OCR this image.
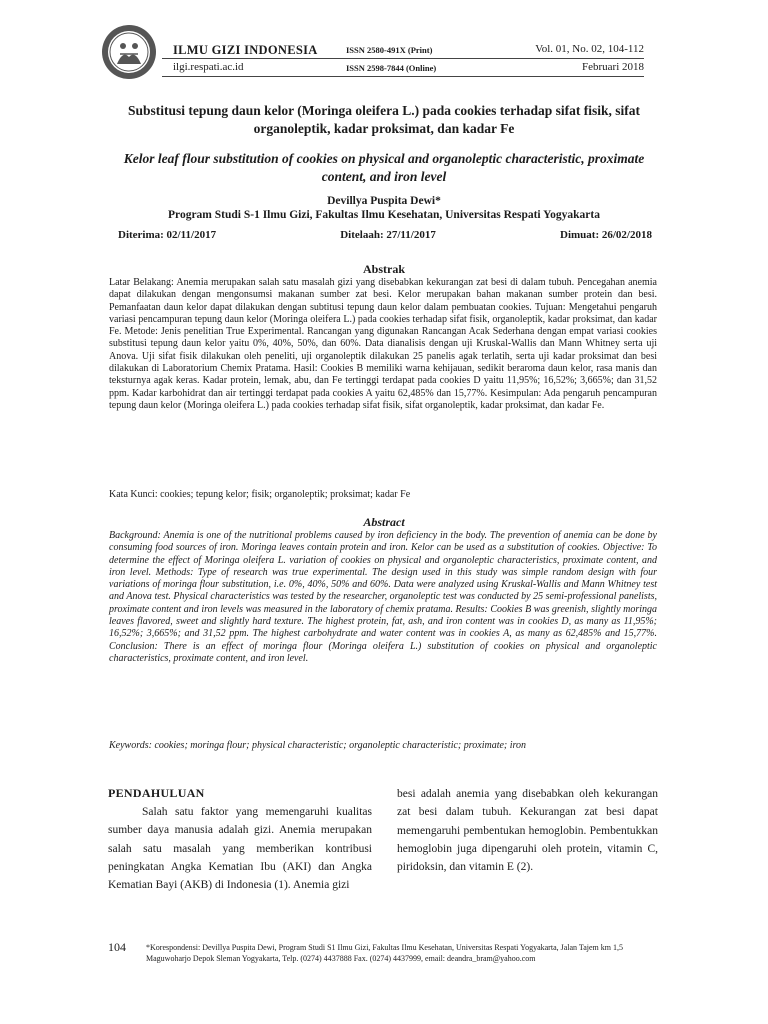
ILMU GIZI INDONESIA
ilgi.respati.ac.id
ISSN 2580-491X (Print)
ISSN 2598-7844 (Online)
Vol. 01, No. 02, 104-112
Februari 2018
Substitusi tepung daun kelor (Moringa oleifera L.) pada cookies terhadap sifat fisik, sifat organoleptik, kadar proksimat, dan kadar Fe
Kelor leaf flour substitution of cookies on physical and organoleptic characteristic, proximate content, and iron level
Devillya Puspita Dewi*
Program Studi S-1 Ilmu Gizi, Fakultas Ilmu Kesehatan, Universitas Respati Yogyakarta
Diterima: 02/11/2017	Ditelaah: 27/11/2017	Dimuat: 26/02/2018
Abstrak
Latar Belakang: Anemia merupakan salah satu masalah gizi yang disebabkan kekurangan zat besi di dalam tubuh. Pencegahan anemia dapat dilakukan dengan mengonsumsi makanan sumber zat besi. Kelor merupakan bahan makanan sumber protein dan besi. Pemanfaatan daun kelor dapat dilakukan dengan subtitusi tepung daun kelor dalam pembuatan cookies. Tujuan: Mengetahui pengaruh variasi pencampuran tepung daun kelor (Moringa oleifera L.) pada cookies terhadap sifat fisik, organoleptik, kadar proksimat, dan kadar Fe. Metode: Jenis penelitian True Experimental. Rancangan yang digunakan Rancangan Acak Sederhana dengan empat variasi cookies substitusi tepung daun kelor yaitu 0%, 40%, 50%, dan 60%. Data dianalisis dengan uji Kruskal-Wallis dan Mann Whitney serta uji Anova. Uji sifat fisik dilakukan oleh peneliti, uji organoleptik dilakukan 25 panelis agak terlatih, serta uji kadar proksimat dan besi dilakukan di Laboratorium Chemix Pratama. Hasil: Cookies B memiliki warna kehijauan, sedikit beraroma daun kelor, rasa manis dan teksturnya agak keras. Kadar protein, lemak, abu, dan Fe tertinggi terdapat pada cookies D yaitu 11,95%; 16,52%; 3,665%; dan 31,52 ppm. Kadar karbohidrat dan air tertinggi terdapat pada cookies A yaitu 62,485% dan 15,77%. Kesimpulan: Ada pengaruh pencampuran tepung daun kelor (Moringa oleifera L.) pada cookies terhadap sifat fisik, sifat organoleptik, kadar proksimat, dan kadar Fe.
Kata Kunci: cookies; tepung kelor; fisik; organoleptik; proksimat; kadar Fe
Abstract
Background: Anemia is one of the nutritional problems caused by iron deficiency in the body. The prevention of anemia can be done by consuming food sources of iron. Moringa leaves contain protein and iron. Kelor can be used as a substitution of cookies. Objective: To determine the effect of Moringa oleifera L. variation of cookies on physical and organoleptic characteristics, proximate content, and iron level. Methods: Type of research was true experimental. The design used in this study was simple random design with four variations of moringa flour substitution, i.e. 0%, 40%, 50% and 60%. Data were analyzed using Kruskal-Wallis and Mann Whitney test and Anova test. Physical characteristics was tested by the researcher, organoleptic test was conducted by 25 semi-professional panelists, proximate content and iron levels was measured in the laboratory of chemix pratama. Results: Cookies B was greenish, slightly moringa leaves flavored, sweet and slightly hard texture. The highest protein, fat, ash, and iron content was in cookies D, as many as 11,95%; 16,52%; 3,665%; and 31,52 ppm. The highest carbohydrate and water content was in cookies A, as many as 62,485% and 15,77%. Conclusion: There is an effect of moringa flour (Moringa oleifera L.) substitution of cookies on physical and organoleptic characteristics, proximate content, and iron level.
Keywords: cookies; moringa flour; physical characteristic; organoleptic characteristic; proximate; iron
PENDAHULUAN
Salah satu faktor yang memengaruhi kualitas sumber daya manusia adalah gizi. Anemia merupakan salah satu masalah yang memberikan kontribusi peningkatan Angka Kematian Ibu (AKI) dan Angka Kematian Bayi (AKB) di Indonesia (1). Anemia gizi
besi adalah anemia yang disebabkan oleh kekurangan zat besi dalam tubuh. Kekurangan zat besi dapat memengaruhi pembentukan hemoglobin. Pembentukkan hemoglobin juga dipengaruhi oleh protein, vitamin C, piridoksin, dan vitamin E (2).
104	*Korespondensi: Devillya Puspita Dewi, Program Studi S1 Ilmu Gizi, Fakultas Ilmu Kesehatan, Universitas Respati Yogyakarta, Jalan Tajem km 1,5 Maguwoharjo Depok Sleman Yogyakarta, Telp. (0274) 4437888 Fax. (0274) 4437999, email: deandra_bram@yahoo.com
